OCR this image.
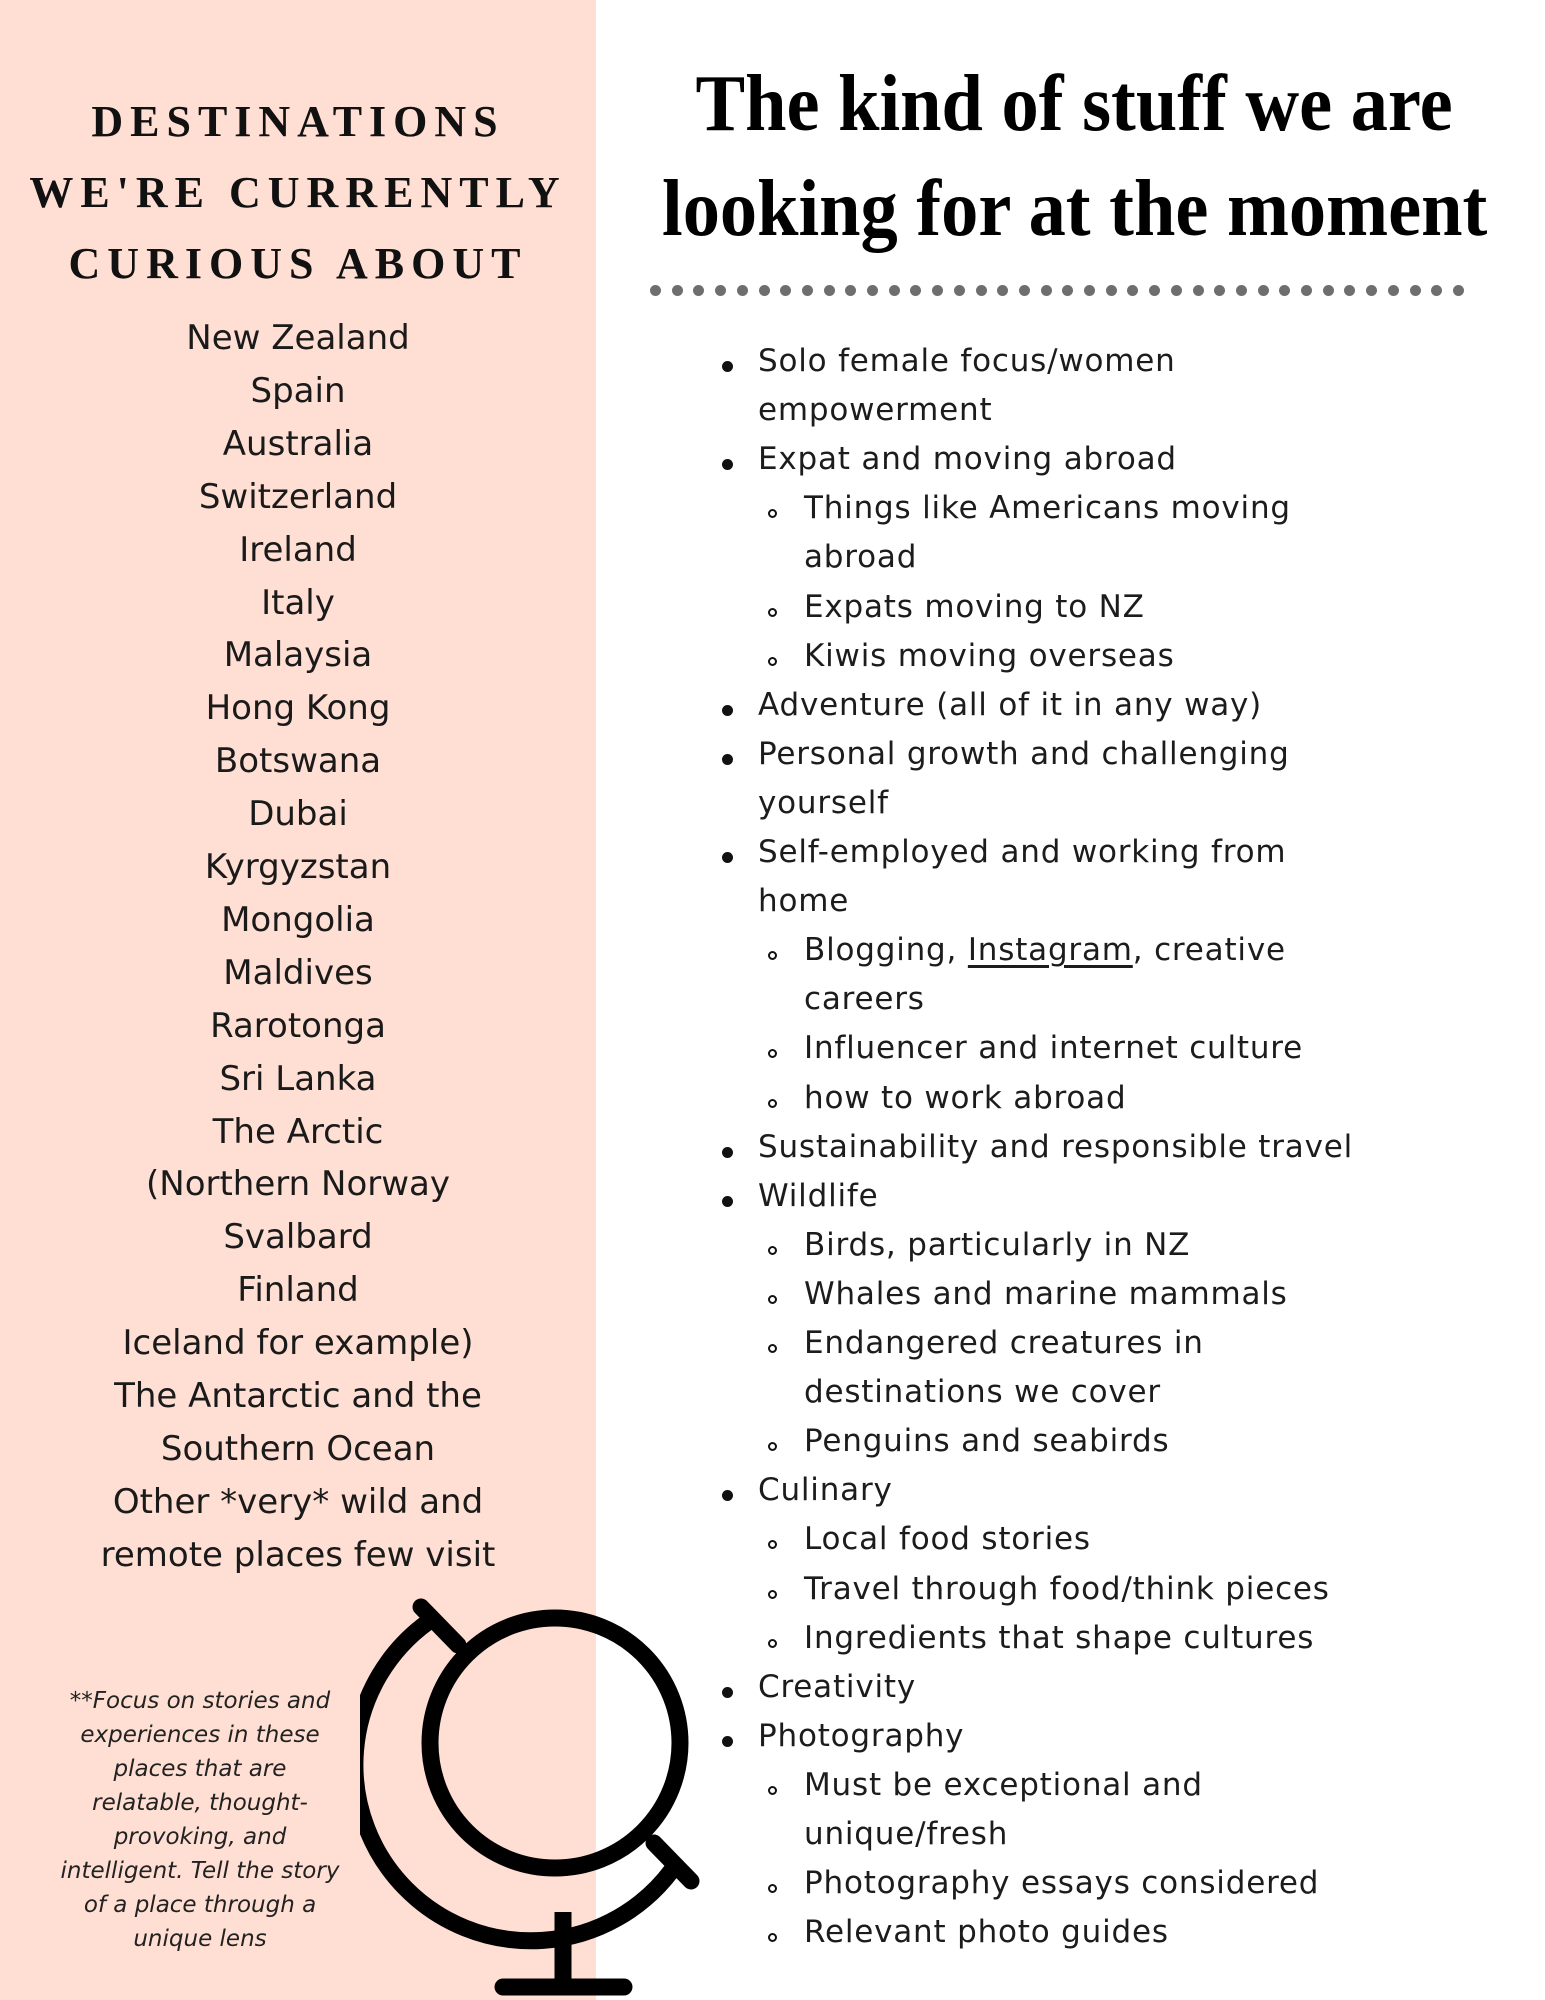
DESTINATIONS
WE'RE CURRENTLY
CURIOUS ABOUT
New Zealand
Spain
Australia
Switzerland
Ireland
Italy
Malaysia
Hong Kong
Botswana
Dubai
Kyrgyzstan
Mongolia
Maldives
Rarotonga
Sri Lanka
The Arctic
(Northern Norway
Svalbard
Finland
Iceland for example)
The Antarctic and the
Southern Ocean
Other *very* wild and
remote places few visit
**Focus on stories and
experiences in these
places that are
relatable, thought-
provoking, and
intelligent. Tell the story
of a place through a
unique lens
The kind of stuff we are
looking for at the moment
Solo female focus/women
empowerment
Expat and moving abroad
Things like Americans moving
abroad
Expats moving to NZ
Kiwis moving overseas
Adventure (all of it in any way)
Personal growth and challenging
yourself
Self-employed and working from
home
Blogging, Instagram, creative
careers
Influencer and internet culture
how to work abroad
Sustainability and responsible travel
Wildlife
Birds, particularly in NZ
Whales and marine mammals
Endangered creatures in
destinations we cover
Penguins and seabirds
Culinary
Local food stories
Travel through food/think pieces
Ingredients that shape cultures
Creativity
Photography
Must be exceptional and
unique/fresh
Photography essays considered
Relevant photo guides
